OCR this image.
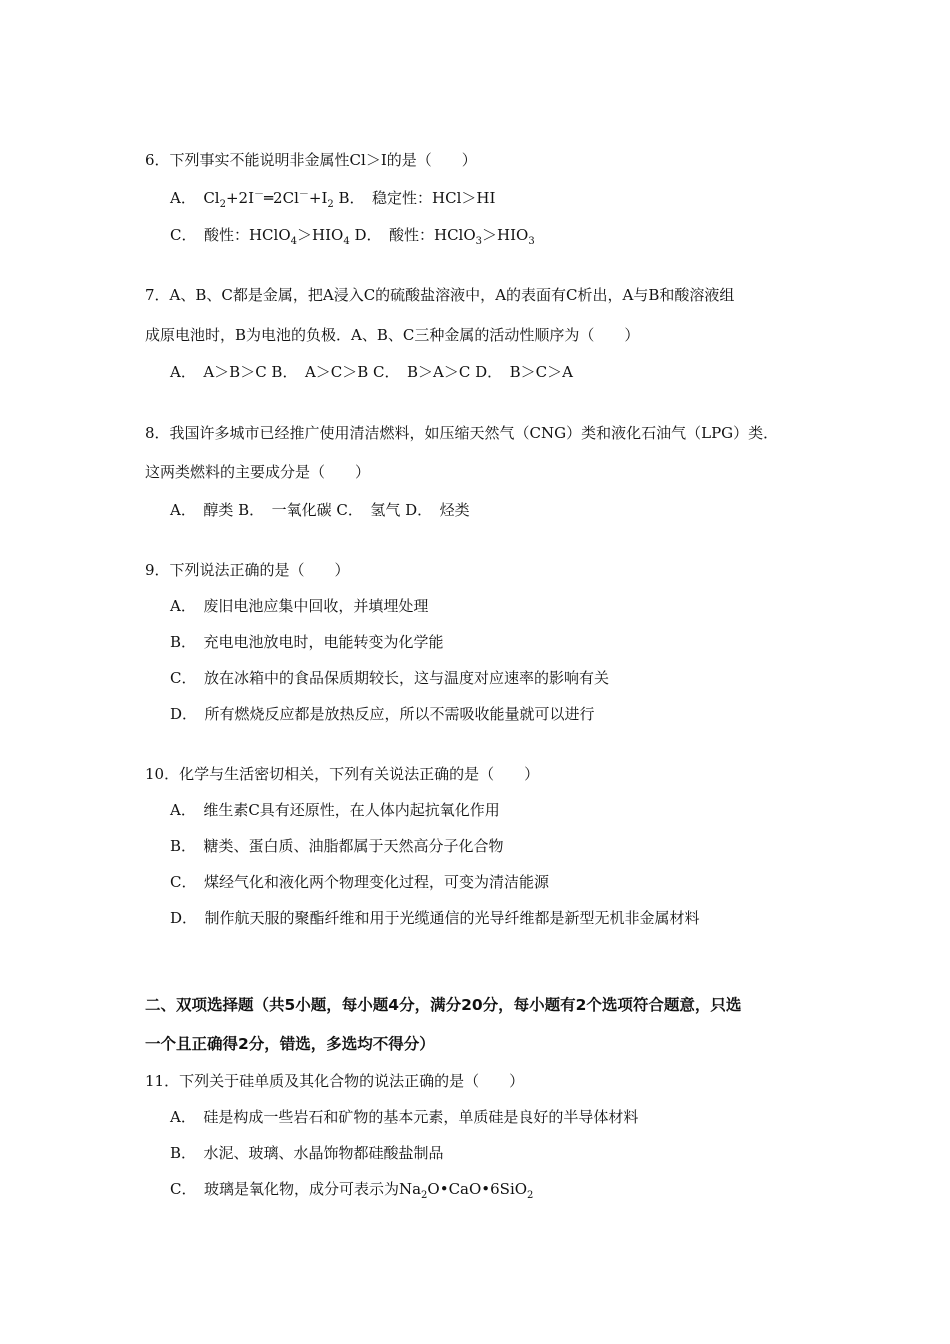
6．下列事实不能说明非金属性Cl＞I的是（　　）
A．　$Cl_2+2I^-═2Cl^-+I_2$ B．　稳定性：HCl＞HI
C．　酸性：$HClO_4>HIO_4$ D．　酸性：$HClO_3>HIO_3$
7．A、B、C都是金属，把A浸入C的硫酸盐溶液中，A的表面有C析出，A与B和酸溶液组
成原电池时，B为电池的负极．A、B、C三种金属的活动性顺序为（　　）
A．　A＞B＞C B．　A＞C＞B C．　B＞A＞C D．　B＞C＞A
8．我国许多城市已经推广使用清洁燃料，如压缩天然气（CNG）类和液化石油气（LPG）类．
这两类燃料的主要成分是（　　）
A．　醇类 B．　一氧化碳 C．　氢气 D．　烃类
9．下列说法正确的是（　　）
A．　废旧电池应集中回收，并填埋处理
B．　充电电池放电时，电能转变为化学能
C．　放在冰箱中的食品保质期较长，这与温度对应速率的影响有关
D．　所有燃烧反应都是放热反应，所以不需吸收能量就可以进行
10．化学与生活密切相关，下列有关说法正确的是（　　）
A．　维生素C具有还原性，在人体内起抗氧化作用
B．　糖类、蛋白质、油脂都属于天然高分子化合物
C．　煤经气化和液化两个物理变化过程，可变为清洁能源
D．　制作航天服的聚酯纤维和用于光缆通信的光导纤维都是新型无机非金属材料
二、双项选择题（共5小题，每小题4分，满分20分，每小题有2个选项符合题意，只选
一个且正确得2分，错选，多选均不得分）
11．下列关于硅单质及其化合物的说法正确的是（　　）
A．　硅是构成一些岩石和矿物的基本元素，单质硅是良好的半导体材料
B．　水泥、玻璃、水晶饰物都硅酸盐制品
C．　玻璃是氧化物，成分可表示为$Na_2O•CaO•6SiO_2$
